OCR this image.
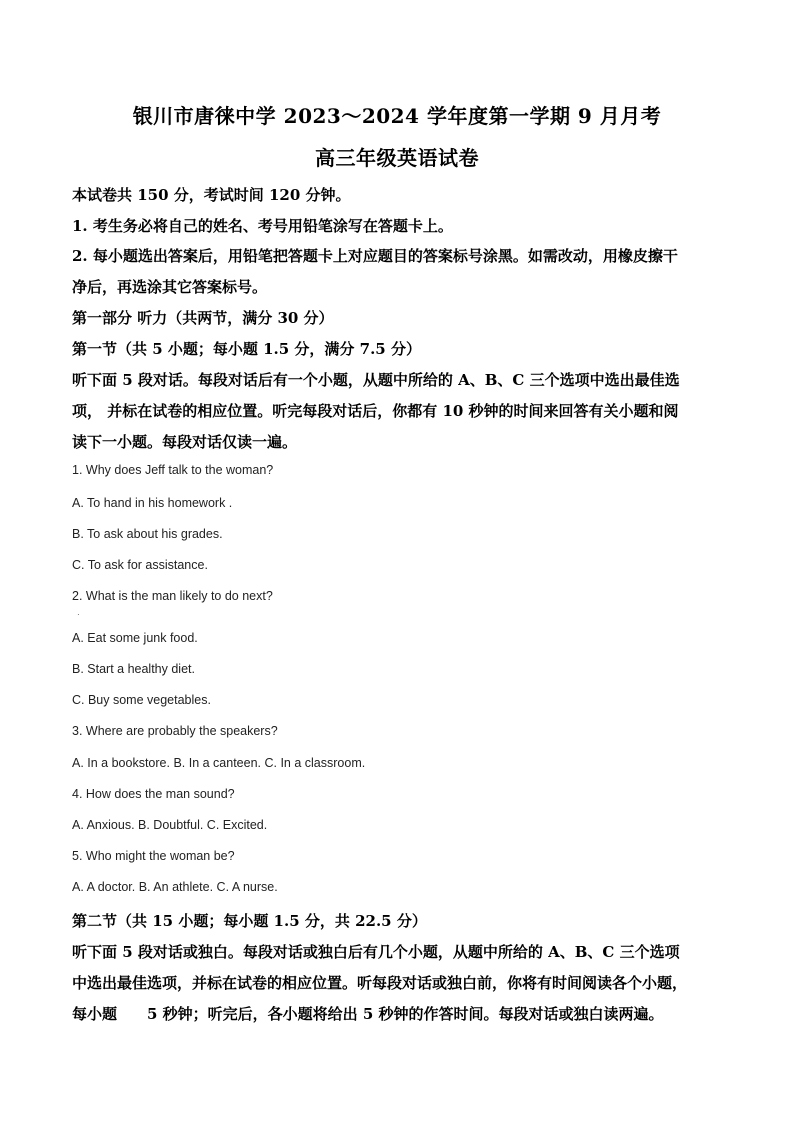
银川市唐徕中学 2023～2024 学年度第一学期 9 月月考
高三年级英语试卷
本试卷共 150 分，考试时间 120 分钟。
1. 考生务必将自己的姓名、考号用铅笔涂写在答题卡上。
2. 每小题选出答案后，用铅笔把答题卡上对应题目的答案标号涂黑。如需改动，用橡皮擦干
净后，再选涂其它答案标号。
第一部分 听力（共两节，满分 30 分）
第一节（共 5 小题；每小题 1.5 分，满分 7.5 分）
听下面 5 段对话。每段对话后有一个小题，从题中所给的 A、B、C 三个选项中选出最佳选
项， 并标在试卷的相应位置。听完每段对话后，你都有 10 秒钟的时间来回答有关小题和阅
读下一小题。每段对话仅读一遍。
1. Why does Jeff talk to the woman?
A. To hand in his homework .
B. To ask about his grades.
C. To ask for assistance.
2. What is the man likely to do next?
·
A. Eat some junk food.
B. Start a healthy diet.
C. Buy some vegetables.
3. Where are probably the speakers?
A. In a bookstore. B. In a canteen. C. In a classroom.
4. How does the man sound?
A. Anxious. B. Doubtful. C. Excited.
5. Who might the woman be?
A. A doctor. B. An athlete. C. A nurse.
第二节（共 15 小题；每小题 1.5 分，共 22.5 分）
听下面 5 段对话或独白。每段对话或独白后有几个小题，从题中所给的 A、B、C 三个选项
中选出最佳选项，并标在试卷的相应位置。听每段对话或独白前，你将有时间阅读各个小题，
每小题　　5 秒钟；听完后，各小题将给出 5 秒钟的作答时间。每段对话或独白读两遍。
